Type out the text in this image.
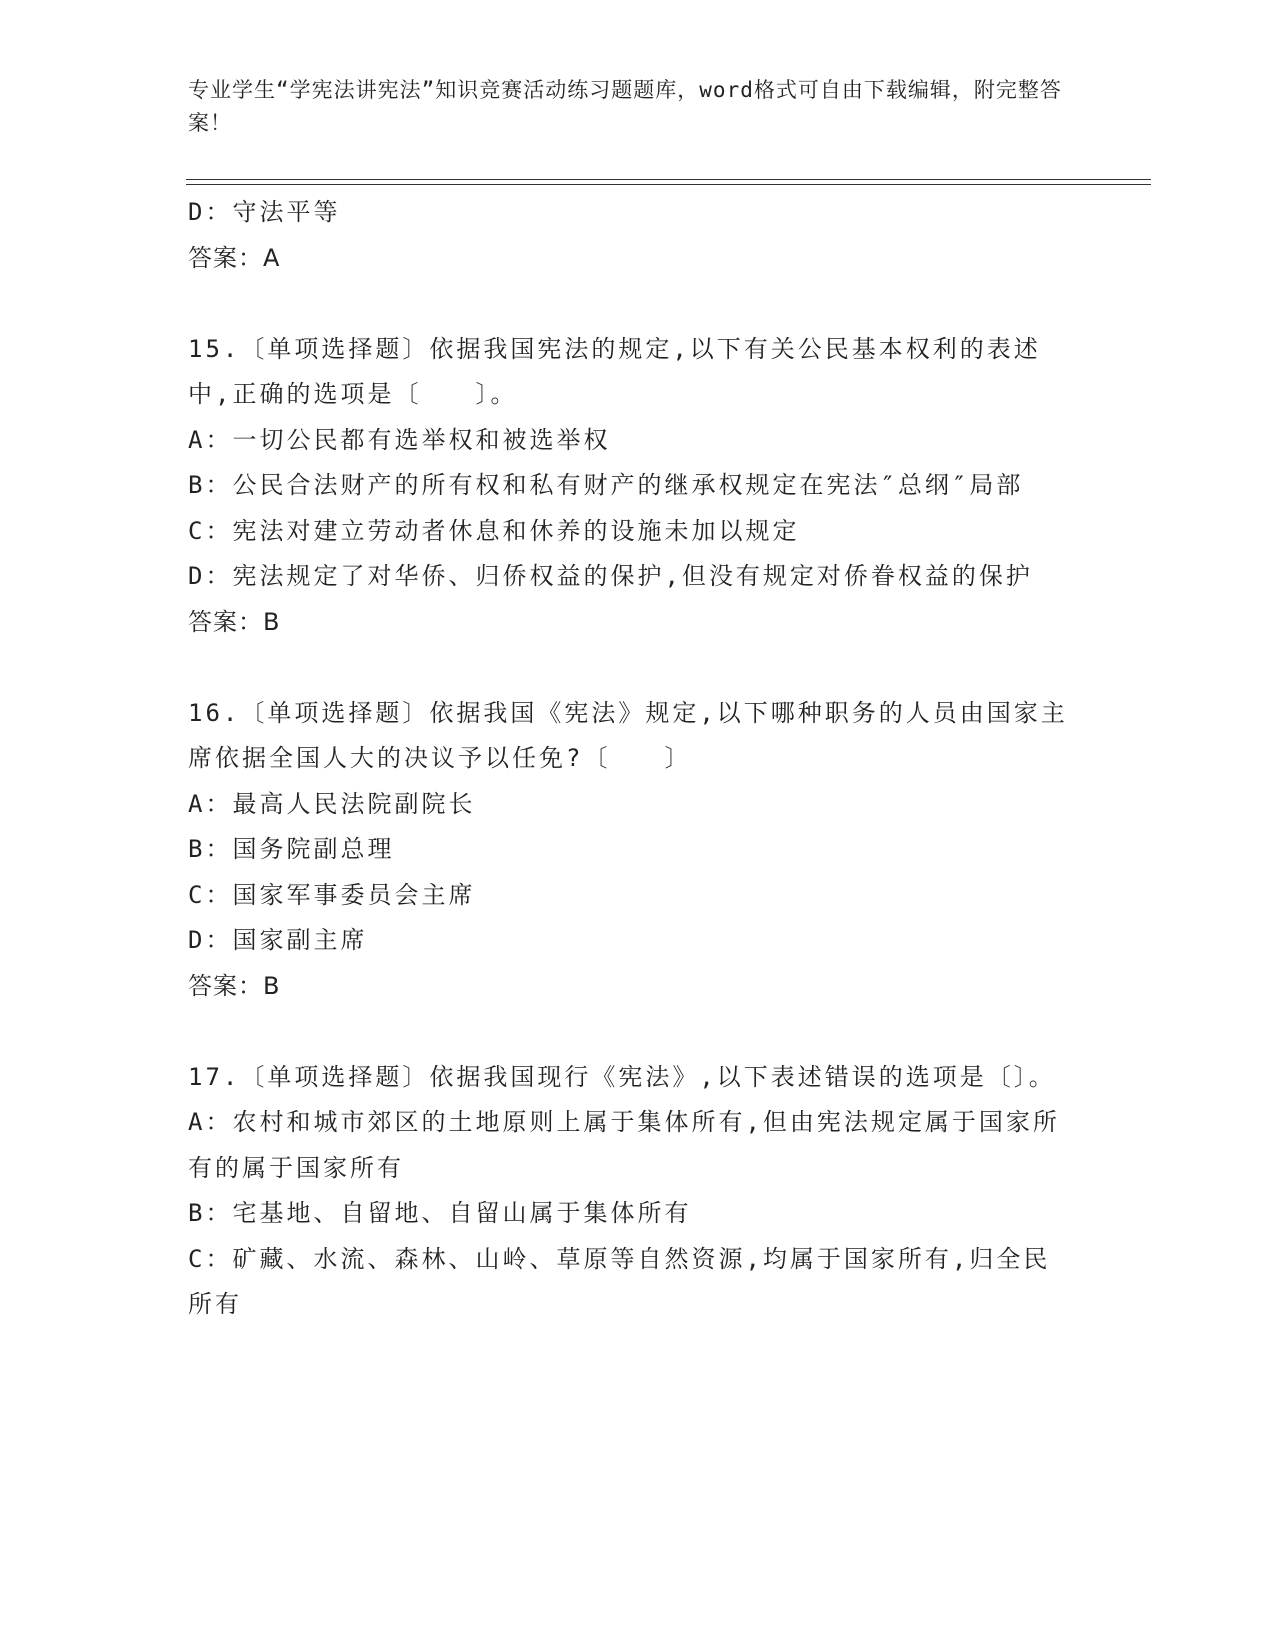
专业学生“学宪法讲宪法”知识竞赛活动练习题题库，word格式可自由下载编辑，附完整答案！
D：守法平等
答案：A
15.〔单项选择题〕依据我国宪法的规定,以下有关公民基本权利的表述中,正确的选项是〔　　〕。
A：一切公民都有选举权和被选举权
B：公民合法财产的所有权和私有财产的继承权规定在宪法″总纲″局部
C：宪法对建立劳动者休息和休养的设施未加以规定
D：宪法规定了对华侨、归侨权益的保护,但没有规定对侨眷权益的保护
答案：B
16.〔单项选择题〕依据我国《宪法》规定,以下哪种职务的人员由国家主席依据全国人大的决议予以任免?〔　　〕
A：最高人民法院副院长
B：国务院副总理
C：国家军事委员会主席
D：国家副主席
答案：B
17.〔单项选择题〕依据我国现行《宪法》,以下表述错误的选项是〔〕。
A：农村和城市郊区的土地原则上属于集体所有,但由宪法规定属于国家所有的属于国家所有
B：宅基地、自留地、自留山属于集体所有
C：矿藏、水流、森林、山岭、草原等自然资源,均属于国家所有,归全民所有
